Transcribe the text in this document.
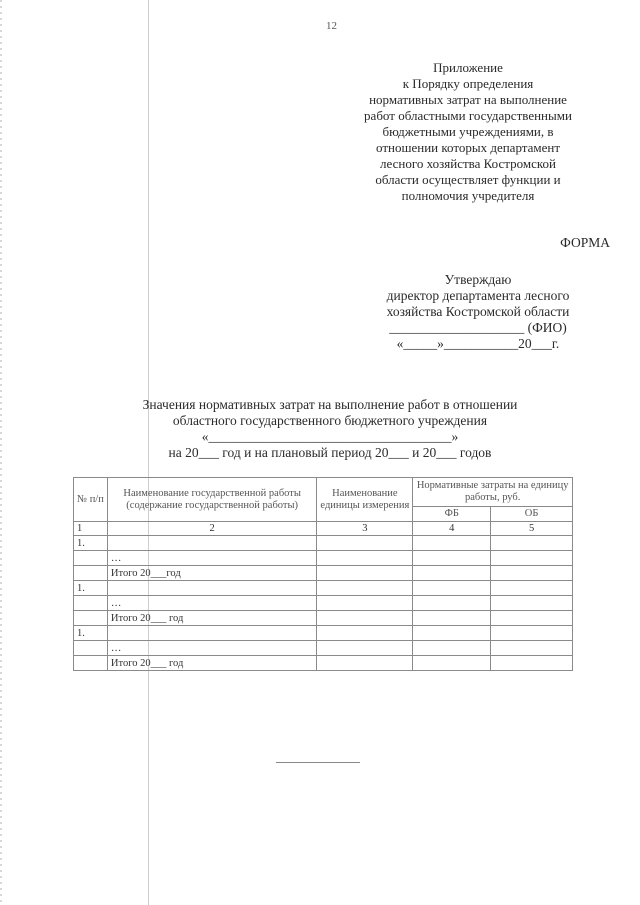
12
Приложение
к Порядку определения
нормативных затрат на выполнение
работ областными государственными
бюджетными учреждениями, в
отношении которых департамент
лесного хозяйства Костромской
области осуществляет функции и
полномочия учредителя
ФОРМА
Утверждаю
директор департамента лесного
хозяйства Костромской области
____________________ (ФИО)
«_____»___________20___г.
Значения нормативных затрат на выполнение работ в отношении
областного государственного бюджетного учреждения
«____________________________________»
на 20___ год и на плановый период 20___ и 20___ годов
№ п/п	Наименование государственной работы (содержание государственной работы)	Наименование единицы измерения	Нормативные затраты на единицу работы, руб.	
			ФБ	ОБ
1	2	3	4	5
1.				
	…			
	Итого 20___год			
1.				
	…			
	Итого 20___ год			
1.				
	…			
	Итого 20___ год			
